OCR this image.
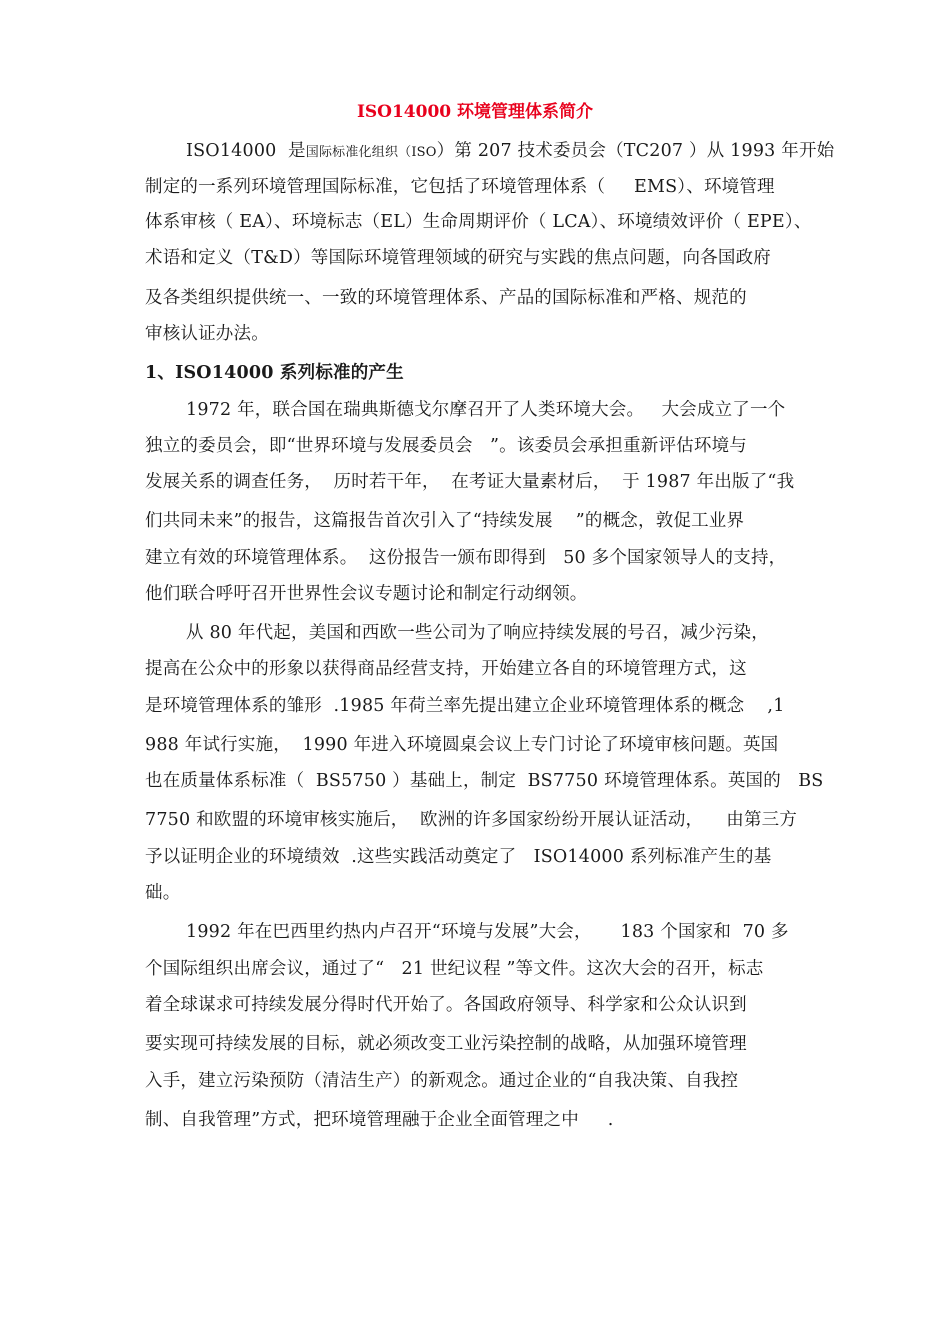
ISO14000 环境管理体系简介
ISO14000  是国际标准化组织（ISO）第 207 技术委员会（TC207 ）从 1993 年开始
制定的一系列环境管理国际标准，它包括了环境管理体系（     EMS）、环境管理
体系审核（ EA）、环境标志（EL）生命周期评价（ LCA）、环境绩效评价（ EPE）、
术语和定义（T&D）等国际环境管理领域的研究与实践的焦点问题，向各国政府
及各类组织提供统一、一致的环境管理体系、产品的国际标准和严格、规范的
审核认证办法。
1、ISO14000 系列标准的产生
1972 年，联合国在瑞典斯德戈尔摩召开了人类环境大会。   大会成立了一个
独立的委员会，即“世界环境与发展委员会   ”。该委员会承担重新评估环境与
发展关系的调查任务，  历时若干年，  在考证大量素材后，  于 1987 年出版了“我
们共同未来”的报告，这篇报告首次引入了“持续发展    ”的概念，敦促工业界
建立有效的环境管理体系。  这份报告一颁布即得到   50 多个国家领导人的支持，
他们联合呼吁召开世界性会议专题讨论和制定行动纲领。
从 80 年代起，美国和西欧一些公司为了响应持续发展的号召，减少污染，
提高在公众中的形象以获得商品经营支持，开始建立各自的环境管理方式，这
是环境管理体系的雏形  .1985 年荷兰率先提出建立企业环境管理体系的概念    ,1
988 年试行实施，  1990 年进入环境圆桌会议上专门讨论了环境审核问题。英国
也在质量体系标准（  BS5750 ）基础上，制定  BS7750 环境管理体系。英国的   BS
7750 和欧盟的环境审核实施后，  欧洲的许多国家纷纷开展认证活动，    由第三方
予以证明企业的环境绩效  .这些实践活动奠定了   ISO14000 系列标准产生的基
础。
1992 年在巴西里约热内卢召开“环境与发展”大会，     183 个国家和  70 多
个国际组织出席会议，通过了“   21 世纪议程 ”等文件。这次大会的召开，标志
着全球谋求可持续发展分得时代开始了。各国政府领导、科学家和公众认识到
要实现可持续发展的目标，就必须改变工业污染控制的战略，从加强环境管理
入手，建立污染预防（清洁生产）的新观念。通过企业的“自我决策、自我控
制、自我管理”方式，把环境管理融于企业全面管理之中     .
